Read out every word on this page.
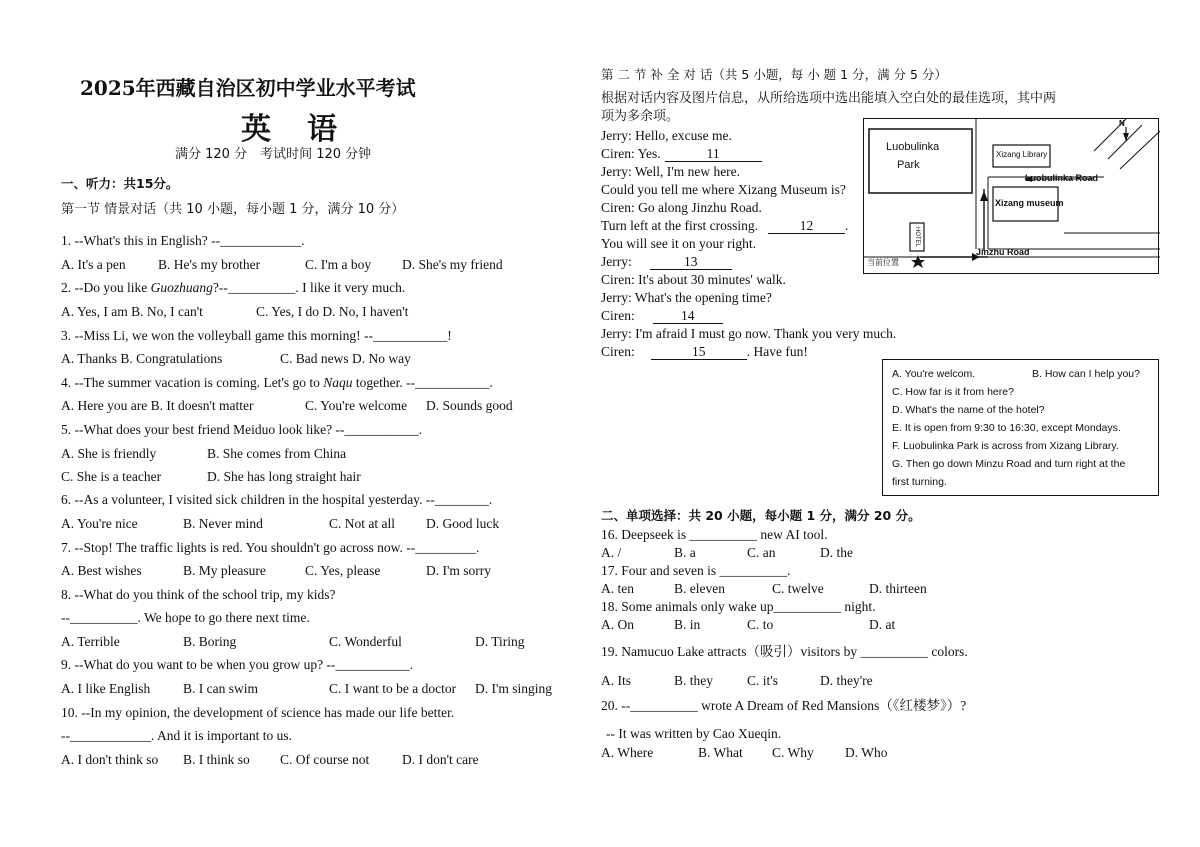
2025年西藏自治区初中学业水平考试
英语
满分 120 分　考试时间 120 分钟
一、听力：共15分。
第一节 情景对话（共 10 小题，每小题 1 分，满分 10 分）
1. --What's this in English? --____________.
A. It's a pen B. He's my brother	C. I'm a boy D. She's my friend
2. --Do you like Guozhuang?--__________. I like it very much.
A. Yes, I am B. No, I can't	C. Yes, I do D. No, I haven't
3. --Miss Li, we won the volleyball game this morning! --___________!
A. Thanks B. Congratulations	C. Bad news D. No way
4. --The summer vacation is coming. Let's go to Naqu together. --___________.
A. Here you are B. It doesn't matter	C. You're welcome D. Sounds good
5. --What does your best friend Meiduo look like? --___________.
A. She is friendly	B. She comes from China
C. She is a teacher	D. She has long straight hair
6. --As a volunteer, I visited sick children in the hospital yesterday. --________.
A. You're nice	B. Never mind	C. Not at all D. Good luck
7. --Stop! The traffic lights is red. You shouldn't go across now. --_________.
A. Best wishes	B. My pleasure	C. Yes, please	D. I'm sorry
8. --What do you think of the school trip, my kids?
--__________. We hope to go there next time.
A. Terrible	B. Boring	C. Wonderful	D. Tiring
9. --What do you want to be when you grow up? --___________.
A. I like English B. I can swim	C. I want to be a doctor D. I'm singing
10. --In my opinion, the development of science has made our life better.
--____________. And it is important to us.
A. I don't think so B. I think so C. Of course not D. I don't care
第 二 节 补 全 对 话（共 5 小题，每 小 题 1 分，满 分 5 分）
根据对话内容及图片信息，从所给选项中选出能填入空白处的最佳选项，其中两
项为多余项。
Jerry: Hello, excuse me.
Ciren: Yes.	11
Jerry: Well, I'm new here.
Could you tell me where Xizang Museum is?
Ciren: Go along Jinzhu Road.
Turn left at the first crossing.	12 .
You will see it on your right.
Jerry:	13
Ciren: It's about 30 minutes' walk.
Jerry: What's the opening time?
Ciren:	14
Jerry: I'm afraid I must go now. Thank you very much.
Ciren:	15	. Have fun!
Luobulinka
Park
Xizang Library
Luobulinka Road
Xizang museum
Jinzhu Road
HOTEL
当前位置
N
A. You're welcom.	B. How can I help you?
C. How far is it from here?
D. What's the name of the hotel?
E. It is open from 9:30 to 16:30, except Mondays.
F. Luobulinka Park is across from Xizang Library.
G. Then go down Minzu Road and turn right at the
first turning.
二、单项选择：共 20 小题，每小题 1 分，满分 20 分。
16. Deepseek is __________ new AI tool.
A. /	B. a	C. an	D. the
17. Four and seven is __________.
A. ten	B. eleven	C. twelve	D. thirteen
18. Some animals only wake up__________ night.
A. On	B. in	C. to	D. at
19. Namucuo Lake attracts（吸引）visitors by __________ colors.
A. Its	B. they	C. it's	D. they're
20. --__________ wrote A Dream of Red Mansions（《红楼梦》）?
-- It was written by Cao Xueqin.
A. Where	B. What C. Why D. Who
